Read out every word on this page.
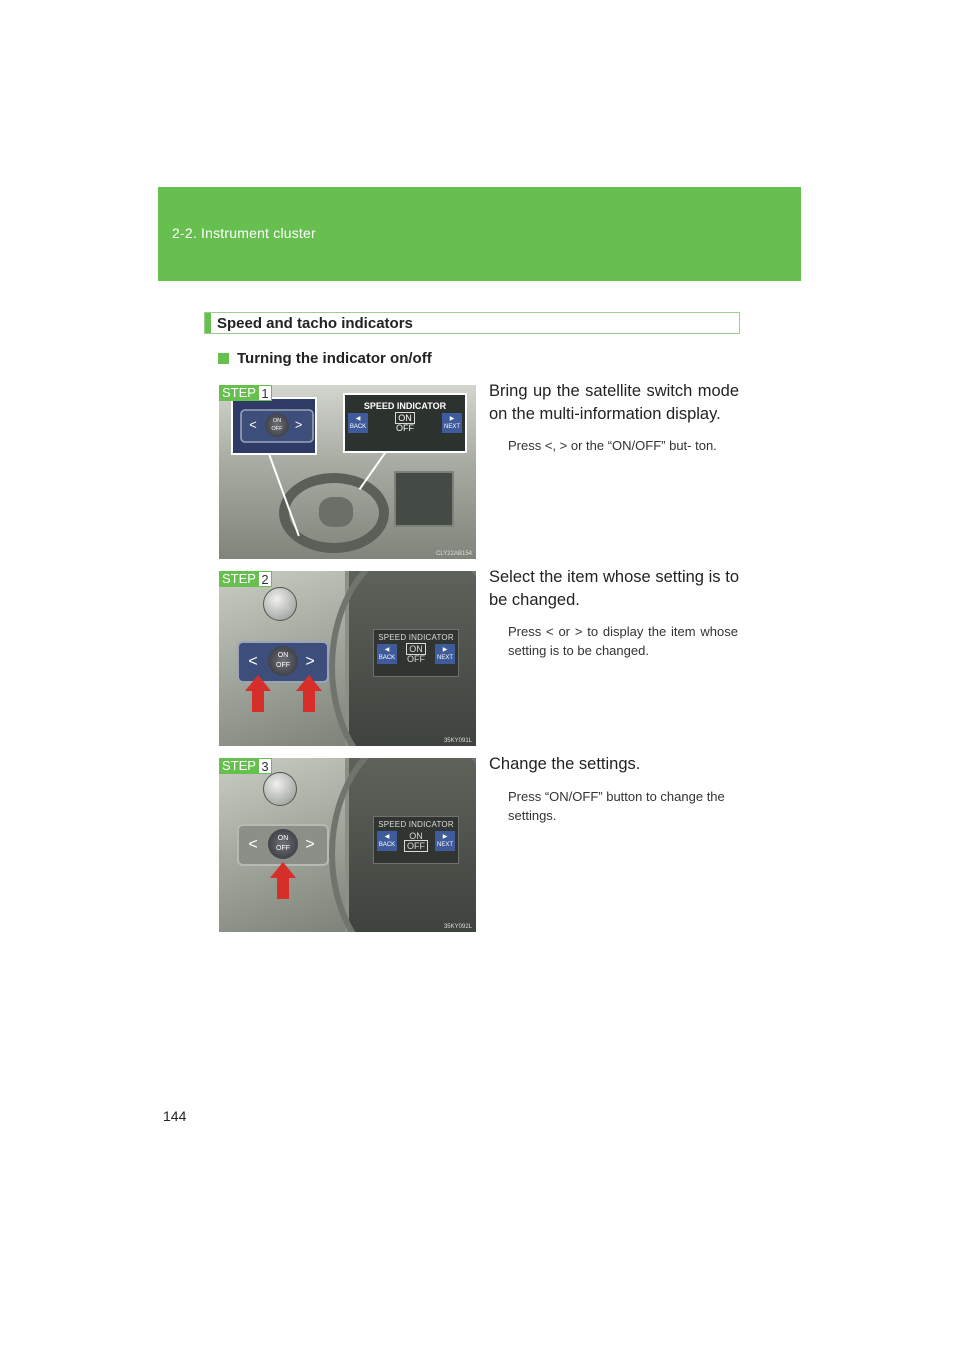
2-2. Instrument cluster
Speed and tacho indicators
Turning the indicator on/off
STEP 1
<	ON
OFF >
SPEED INDICATOR
◀
BACK
ON
OFF
▶
NEXT
CLY22AB154
Bring up the satellite switch mode on the multi-information display.
Press <, > or the “ON/OFF” but- ton.
STEP 2
<	ON
OFF >
SPEED INDICATOR
◀
BACK
ON
OFF
▶
NEXT
35KY091L
Select the item whose setting is to be changed.
Press < or > to display the item whose setting is to be changed.
STEP 3
<	ON
OFF >
SPEED INDICATOR
◀
BACK
ON
OFF
▶
NEXT
35KY092L
Change the settings.
Press “ON/OFF” button to change the settings.
144
